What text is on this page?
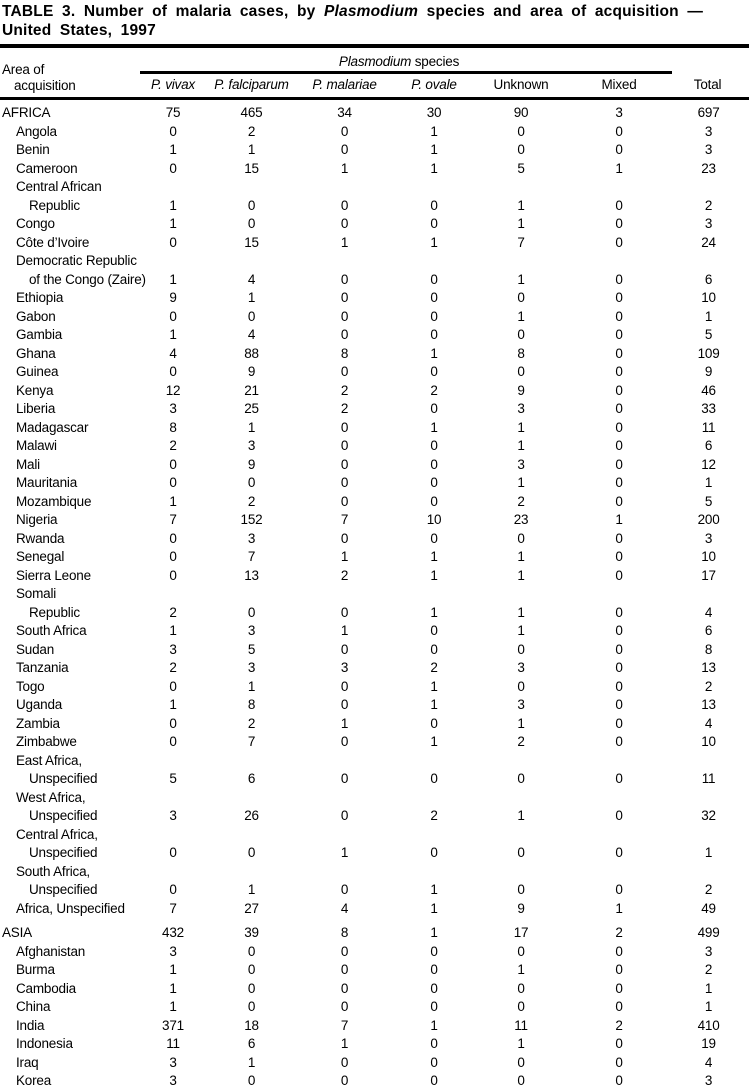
TABLE 3. Number of malaria cases, by Plasmodium species and area of acquisition —
United States, 1997
Area of
acquisition	Plasmodium species						Total
	P. vivax	P. falciparum	P. malariae	P. ovale	Unknown	Mixed	

AFRICA	75	465	34	30	90	3	697

Angola	0	2	0	1	0	0	3

Benin	1	1	0	1	0	0	3

Cameroon	0	15	1	1	5	1	23

Central African
Republic	1	0	0	0	1	0	2

Congo	1	0	0	0	1	0	3

Côte d’Ivoire	0	15	1	1	7	0	24

Democratic Republic
of the Congo (Zaire)	1	4	0	0	1	0	6

Ethiopia	9	1	0	0	0	0	10

Gabon	0	0	0	0	1	0	1

Gambia	1	4	0	0	0	0	5

Ghana	4	88	8	1	8	0	109

Guinea	0	9	0	0	0	0	9

Kenya	12	21	2	2	9	0	46

Liberia	3	25	2	0	3	0	33

Madagascar	8	1	0	1	1	0	11

Malawi	2	3	0	0	1	0	6

Mali	0	9	0	0	3	0	12

Mauritania	0	0	0	0	1	0	1

Mozambique	1	2	0	0	2	0	5

Nigeria	7	152	7	10	23	1	200

Rwanda	0	3	0	0	0	0	3

Senegal	0	7	1	1	1	0	10

Sierra Leone	0	13	2	1	1	0	17

Somali
Republic	2	0	0	1	1	0	4

South Africa	1	3	1	0	1	0	6

Sudan	3	5	0	0	0	0	8

Tanzania	2	3	3	2	3	0	13

Togo	0	1	0	1	0	0	2

Uganda	1	8	0	1	3	0	13

Zambia	0	2	1	0	1	0	4

Zimbabwe	0	7	0	1	2	0	10

East Africa,
Unspecified	5	6	0	0	0	0	11

West Africa,
Unspecified	3	26	0	2	1	0	32

Central Africa,
Unspecified	0	0	1	0	0	0	1

South Africa,
Unspecified	0	1	0	1	0	0	2

Africa, Unspecified	7	27	4	1	9	1	49

ASIA	432	39	8	1	17	2	499

Afghanistan	3	0	0	0	0	0	3

Burma	1	0	0	0	1	0	2

Cambodia	1	0	0	0	0	0	1

China	1	0	0	0	0	0	1

India	371	18	7	1	11	2	410

Indonesia	11	6	1	0	1	0	19

Iraq	3	1	0	0	0	0	4

Korea	3	0	0	0	0	0	3
